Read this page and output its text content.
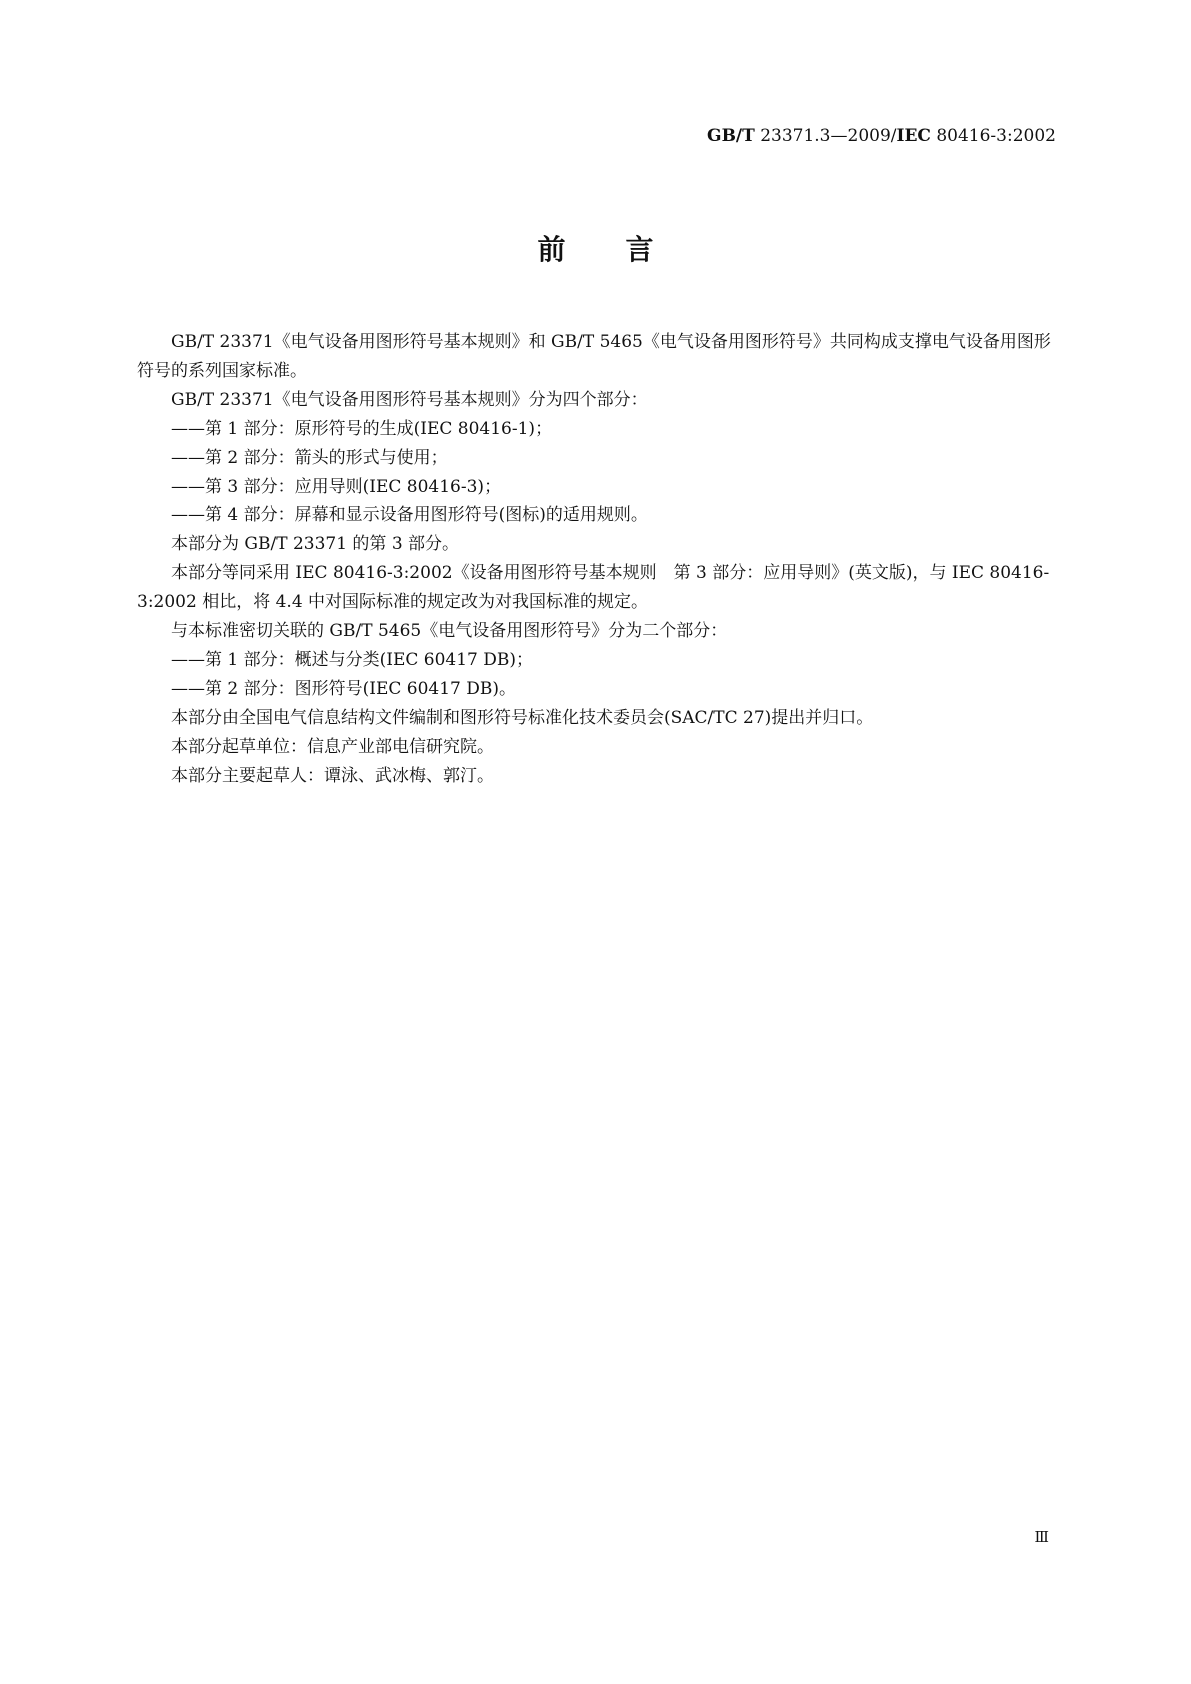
GB/T 23371.3—2009/IEC 80416-3:2002
前言

GB/T 23371《电气设备用图形符号基本规则》和 GB/T 5465《电气设备用图形符号》共同构成支撑电气设备用图形符号的系列国家标准。

GB/T 23371《电气设备用图形符号基本规则》分为四个部分：

——第 1 部分：原形符号的生成(IEC 80416-1)；

——第 2 部分：箭头的形式与使用；

——第 3 部分：应用导则(IEC 80416-3)；

——第 4 部分：屏幕和显示设备用图形符号(图标)的适用规则。

本部分为 GB/T 23371 的第 3 部分。

本部分等同采用 IEC 80416-3:2002《设备用图形符号基本规则　第 3 部分：应用导则》(英文版)，与 IEC 80416-3:2002 相比，将 4.4 中对国际标准的规定改为对我国标准的规定。

与本标准密切关联的 GB/T 5465《电气设备用图形符号》分为二个部分：

——第 1 部分：概述与分类(IEC 60417 DB)；

——第 2 部分：图形符号(IEC 60417 DB)。

本部分由全国电气信息结构文件编制和图形符号标准化技术委员会(SAC/TC 27)提出并归口。

本部分起草单位：信息产业部电信研究院。

本部分主要起草人：谭泳、武冰梅、郭汀。

Ⅲ
